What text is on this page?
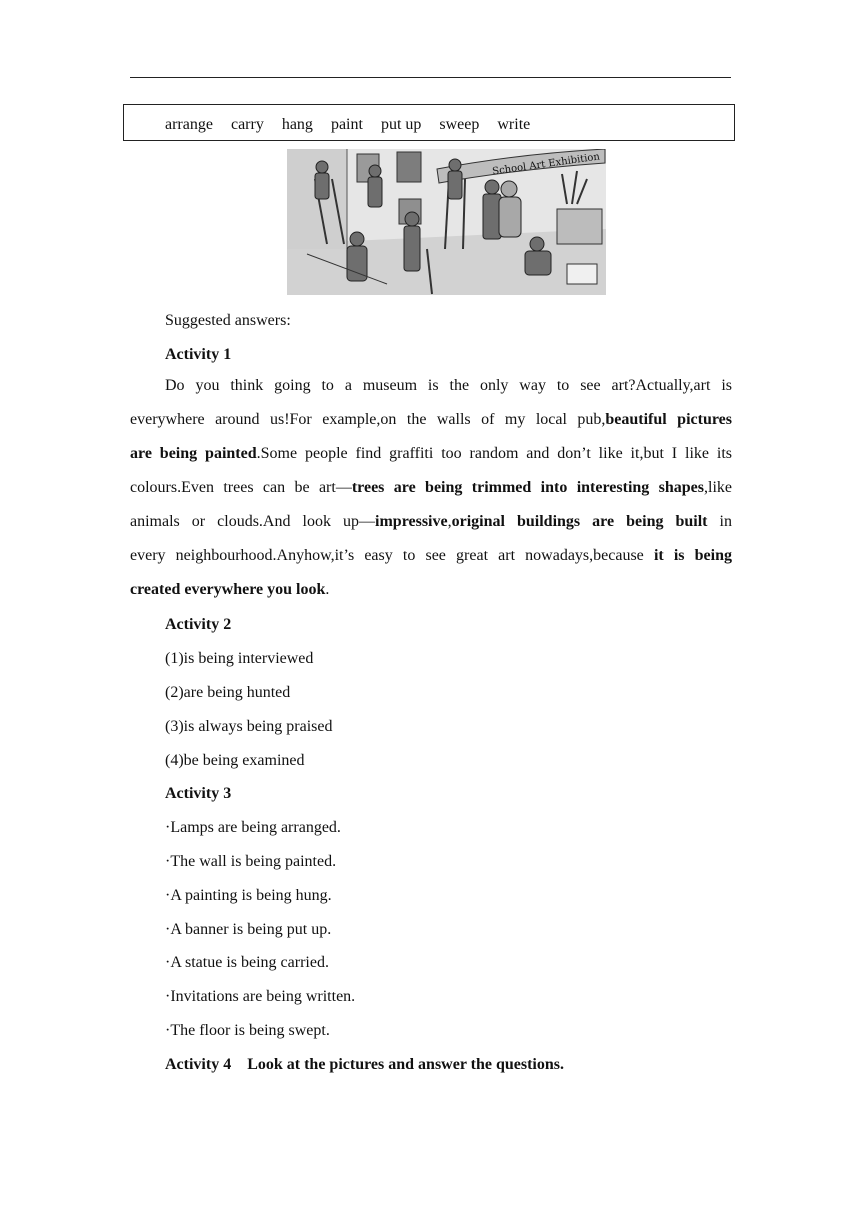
arrange carry hang paint put up sweep write
School Art Exhibition
Suggested answers:
Activity 1
Do you think going to a museum is the only way to see art?Actually,art is
everywhere around us!For example,on the walls of my local pub,beautiful pictures
are being painted.Some people find graffiti too random and don’t like it,but I like its
colours.Even trees can be art—trees are being trimmed into interesting shapes,like
animals or clouds.And look up—impressive,original buildings are being built in
every neighbourhood.Anyhow,it’s easy to see great art nowadays,because it is being
created everywhere you look.
Activity 2
(1)is being interviewed
(2)are being hunted
(3)is always being praised
(4)be being examined
Activity 3
·Lamps are being arranged.
·The wall is being painted.
·A painting is being hung.
·A banner is being put up.
·A statue is being carried.
·Invitations are being written.
·The floor is being swept.
Activity 4　Look at the pictures and answer the questions.
